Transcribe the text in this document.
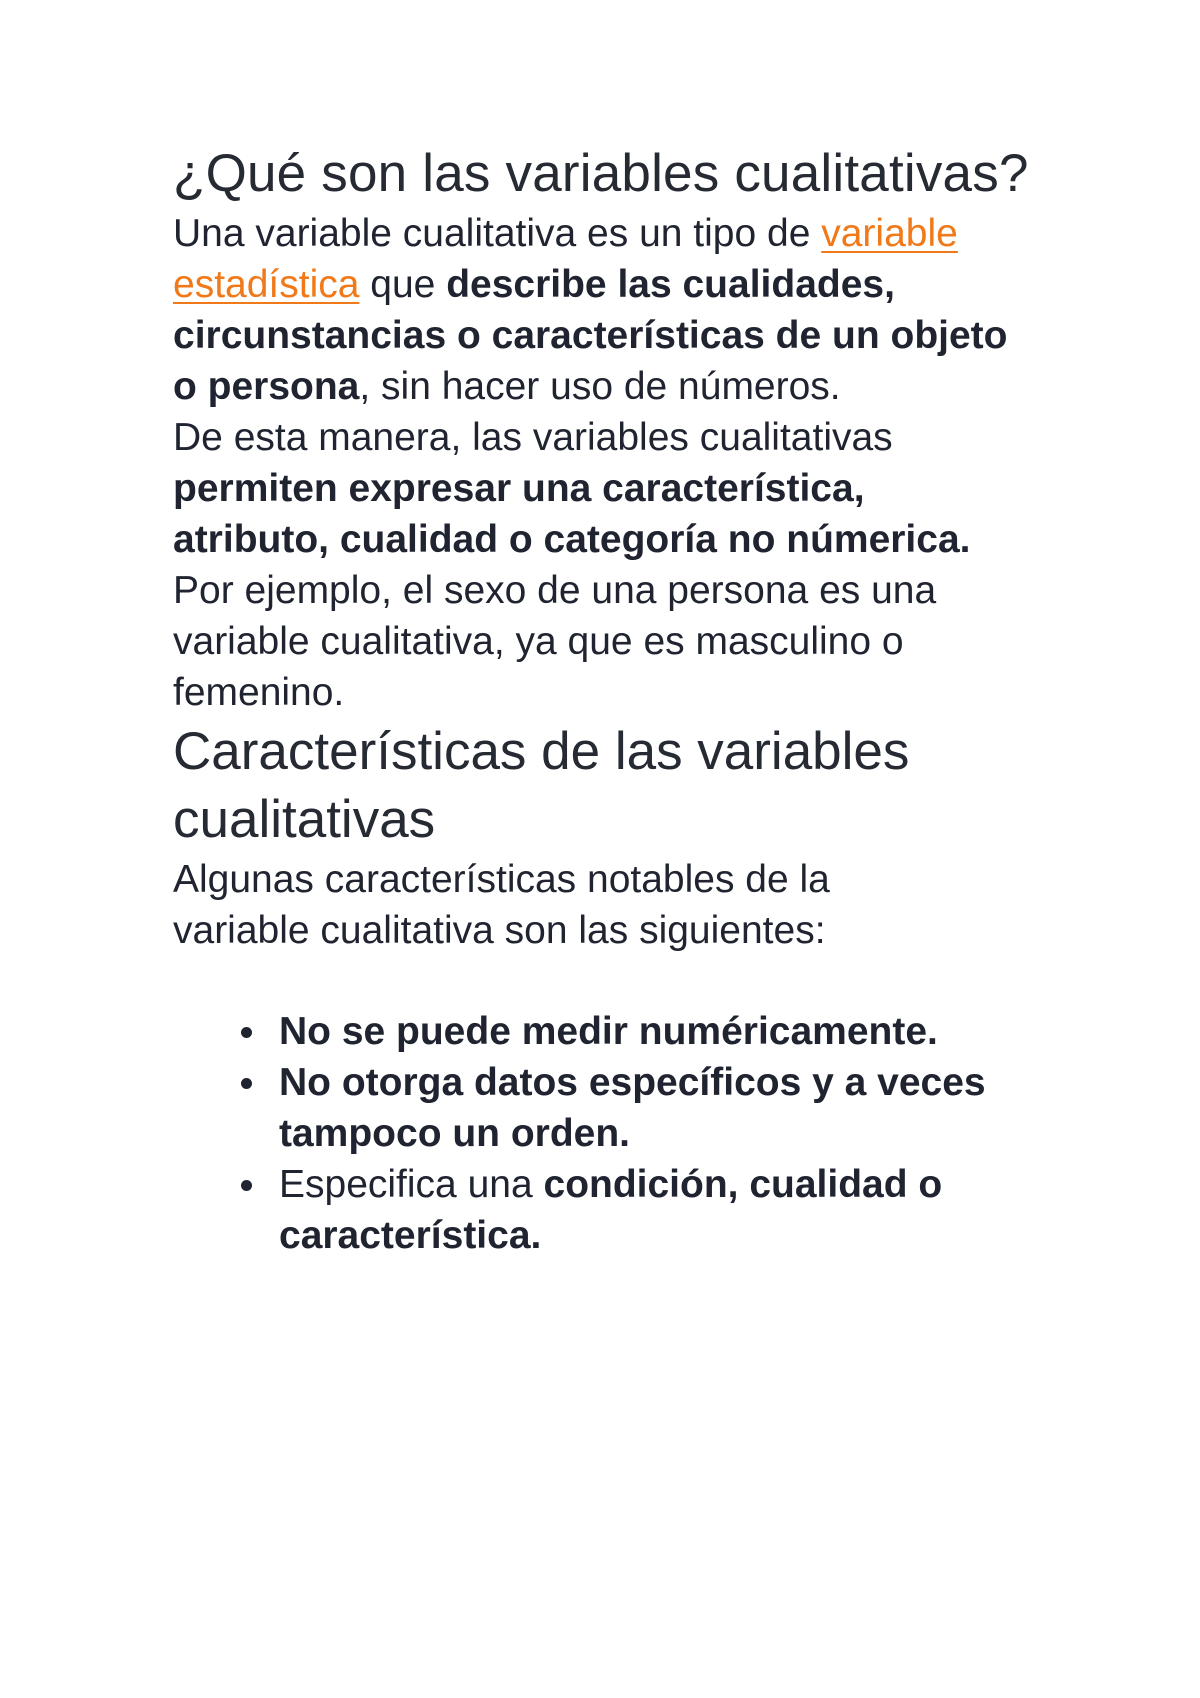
¿Qué son las variables cualitativas?

Una variable cualitativa es un tipo de variable estadística que describe las cualidades, circunstancias o características de un objeto o persona, sin hacer uso de números.

De esta manera, las variables cualitativas permiten expresar una característica, atributo, cualidad o categoría no númerica. Por ejemplo, el sexo de una persona es una variable cualitativa, ya que es masculino o femenino.

Características de las variables cualitativas

Algunas características notables de la variable cualitativa son las siguientes:

No se puede medir numéricamente.
No otorga datos específicos y a veces tampoco un orden.
Especifica una condición, cualidad o característica.
